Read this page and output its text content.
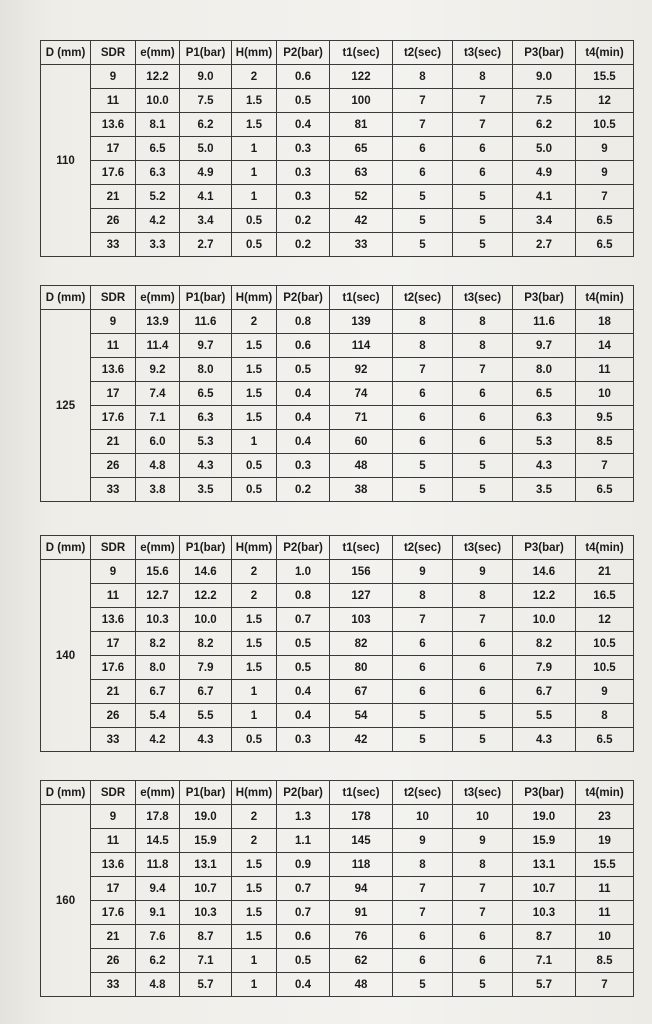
D (mm)	SDR	e(mm)	P1(bar)	H(mm)	P2(bar)	t1(sec)	t2(sec)	t3(sec)	P3(bar)	t4(min)
110	9	12.2	9.0	2	0.6	122	8	8	9.0	15.5
	11	10.0	7.5	1.5	0.5	100	7	7	7.5	12
	13.6	8.1	6.2	1.5	0.4	81	7	7	6.2	10.5
	17	6.5	5.0	1	0.3	65	6	6	5.0	9
	17.6	6.3	4.9	1	0.3	63	6	6	4.9	9
	21	5.2	4.1	1	0.3	52	5	5	4.1	7
	26	4.2	3.4	0.5	0.2	42	5	5	3.4	6.5
	33	3.3	2.7	0.5	0.2	33	5	5	2.7	6.5
D (mm)	SDR	e(mm)	P1(bar)	H(mm)	P2(bar)	t1(sec)	t2(sec)	t3(sec)	P3(bar)	t4(min)
125	9	13.9	11.6	2	0.8	139	8	8	11.6	18
	11	11.4	9.7	1.5	0.6	114	8	8	9.7	14
	13.6	9.2	8.0	1.5	0.5	92	7	7	8.0	11
	17	7.4	6.5	1.5	0.4	74	6	6	6.5	10
	17.6	7.1	6.3	1.5	0.4	71	6	6	6.3	9.5
	21	6.0	5.3	1	0.4	60	6	6	5.3	8.5
	26	4.8	4.3	0.5	0.3	48	5	5	4.3	7
	33	3.8	3.5	0.5	0.2	38	5	5	3.5	6.5
D (mm)	SDR	e(mm)	P1(bar)	H(mm)	P2(bar)	t1(sec)	t2(sec)	t3(sec)	P3(bar)	t4(min)
140	9	15.6	14.6	2	1.0	156	9	9	14.6	21
	11	12.7	12.2	2	0.8	127	8	8	12.2	16.5
	13.6	10.3	10.0	1.5	0.7	103	7	7	10.0	12
	17	8.2	8.2	1.5	0.5	82	6	6	8.2	10.5
	17.6	8.0	7.9	1.5	0.5	80	6	6	7.9	10.5
	21	6.7	6.7	1	0.4	67	6	6	6.7	9
	26	5.4	5.5	1	0.4	54	5	5	5.5	8
	33	4.2	4.3	0.5	0.3	42	5	5	4.3	6.5
D (mm)	SDR	e(mm)	P1(bar)	H(mm)	P2(bar)	t1(sec)	t2(sec)	t3(sec)	P3(bar)	t4(min)
160	9	17.8	19.0	2	1.3	178	10	10	19.0	23
	11	14.5	15.9	2	1.1	145	9	9	15.9	19
	13.6	11.8	13.1	1.5	0.9	118	8	8	13.1	15.5
	17	9.4	10.7	1.5	0.7	94	7	7	10.7	11
	17.6	9.1	10.3	1.5	0.7	91	7	7	10.3	11
	21	7.6	8.7	1.5	0.6	76	6	6	8.7	10
	26	6.2	7.1	1	0.5	62	6	6	7.1	8.5
	33	4.8	5.7	1	0.4	48	5	5	5.7	7
